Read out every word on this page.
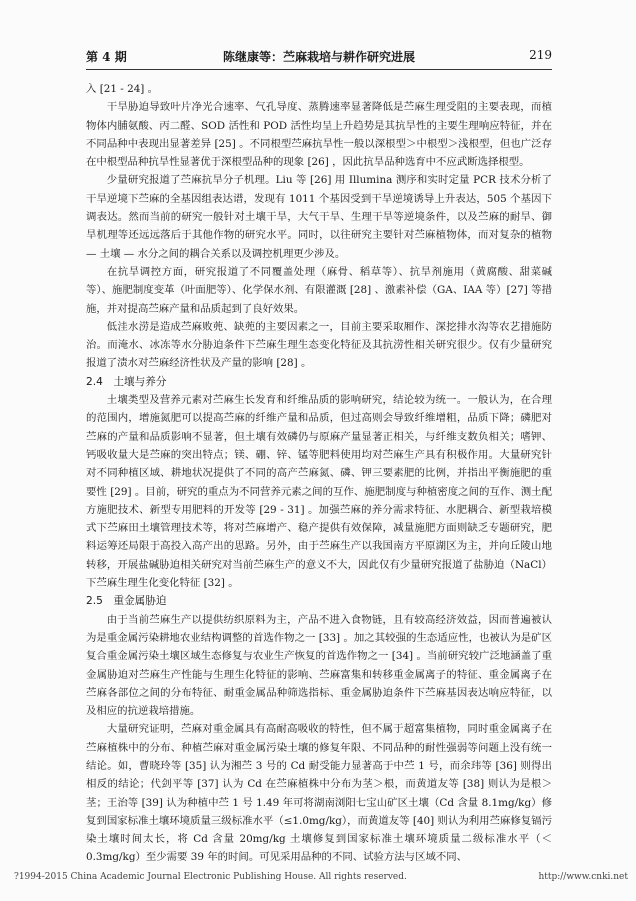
第 4 期	陈继康等：苎麻栽培与耕作研究进展	219

入 [21 - 24] 。

干旱胁迫导致叶片净光合速率、气孔导度、蒸腾速率显著降低是苎麻生理受阻的主要表现，而植物体内脯氨酸、丙二醛、SOD 活性和 POD 活性均呈上升趋势是其抗旱性的主要生理响应特征，并在不同品种中表现出显著差异 [25] 。不同根型苎麻抗旱性一般以深根型＞中根型＞浅根型，但也广泛存在中根型品种抗旱性显著优于深根型品种的现象 [26] ，因此抗旱品种选育中不应武断选择根型。

少量研究报道了苎麻抗旱分子机理。Liu 等 [26] 用 Illumina 测序和实时定量 PCR 技术分析了干旱逆境下苎麻的全基因组表达谱，发现有 1011 个基因受到干旱逆境诱导上升表达，505 个基因下调表达。然而当前的研究一般针对土壤干旱，大气干旱、生理干旱等逆境条件，以及苎麻的耐旱、御旱机理等还远远落后于其他作物的研究水平。同时，以往研究主要针对苎麻植物体，而对复杂的植物 — 土壤 — 水分之间的耦合关系以及调控机理更少涉及。

在抗旱调控方面，研究报道了不同覆盖处理（麻骨、稻草等）、抗旱剂施用（黄腐酸、甜菜碱等）、施肥制度变革（叶面肥等）、化学保水剂、有限灌溉 [28] 、激素补偿（GA、IAA 等）[27] 等措施，并对提高苎麻产量和品质起到了良好效果。

低洼水涝是造成苎麻败蔸、缺蔸的主要因素之一，目前主要采取厢作、深挖排水沟等农艺措施防治。而淹水、冰冻等水分胁迫条件下苎麻生理生态变化特征及其抗涝性相关研究很少。仅有少量研究报道了渍水对苎麻经济性状及产量的影响 [28] 。

2.4　土壤与养分

土壤类型及营养元素对苎麻生长发育和纤维品质的影响研究，结论较为统一。一般认为，在合理的范围内，增施氮肥可以提高苎麻的纤维产量和品质，但过高则会导致纤维增粗，品质下降；磷肥对苎麻的产量和品质影响不显著，但土壤有效磷仍与原麻产量显著正相关，与纤维支数负相关；嗜钾、钙吸收量大是苎麻的突出特点；镁、硼、锌、锰等肥料使用均对苎麻生产具有积极作用。大量研究针对不同种植区域、耕地状况提供了不同的高产苎麻氮、磷、钾三要素肥的比例，并指出平衡施肥的重要性 [29] 。目前，研究的重点为不同营养元素之间的互作、施肥制度与种植密度之间的互作、测土配方施肥技术、新型专用肥料的开发等 [29 - 31] 。加强苎麻的养分需求特征、水肥耦合、新型栽培模式下苎麻田土壤管理技术等，将对苎麻增产、稳产提供有效保障，减量施肥方面则缺乏专题研究，肥料运筹还局限于高投入高产出的思路。另外，由于苎麻生产以我国南方平原湖区为主，并向丘陵山地转移，开展盐碱胁迫相关研究对当前苎麻生产的意义不大，因此仅有少量研究报道了盐胁迫（NaCl）下苎麻生理生化变化特征 [32] 。

2.5　重金属胁迫

由于当前苎麻生产以提供纺织原料为主，产品不进入食物链，且有较高经济效益，因而普遍被认为是重金属污染耕地农业结构调整的首选作物之一 [33] 。加之其较强的生态适应性，也被认为是矿区复合重金属污染土壤区域生态修复与农业生产恢复的首选作物之一 [34] 。当前研究较广泛地涵盖了重金属胁迫对苎麻生产性能与生理生化特征的影响、苎麻富集和转移重金属离子的特征、重金属离子在苎麻各部位之间的分布特征、耐重金属品种筛选指标、重金属胁迫条件下苎麻基因表达响应特征，以及相应的抗逆栽培措施。

大量研究证明，苎麻对重金属具有高耐高吸收的特性，但不属于超富集植物，同时重金属离子在苎麻植株中的分布、种植苎麻对重金属污染土壤的修复年限、不同品种的耐性强弱等问题上没有统一结论。如，曹晓玲等 [35] 认为湘苎 3 号的 Cd 耐受能力显著高于中苎 1 号，而余玮等 [36] 则得出相反的结论；代剑平等 [37] 认为 Cd 在苎麻植株中分布为茎＞根，而黄道友等 [38] 则认为是根＞茎；王治等 [39] 认为种植中苎 1 号 1.49 年可将湖南浏阳七宝山矿区土壤（Cd 含量 8.1mg/kg）修复到国家标准土壤环境质量三级标准水平（≤1.0mg/kg），而黄道友等 [40] 则认为利用苎麻修复镉污染土壤时间太长，将 Cd 含量 20mg/kg 土壤修复到国家标准土壤环境质量二级标准水平（＜0.3mg/kg）至少需要 39 年的时间。可见采用品种的不同、试验方法与区域不同、

?1994-2015 China Academic Journal Electronic Publishing House. All rights reserved.	http://www.cnki.net
